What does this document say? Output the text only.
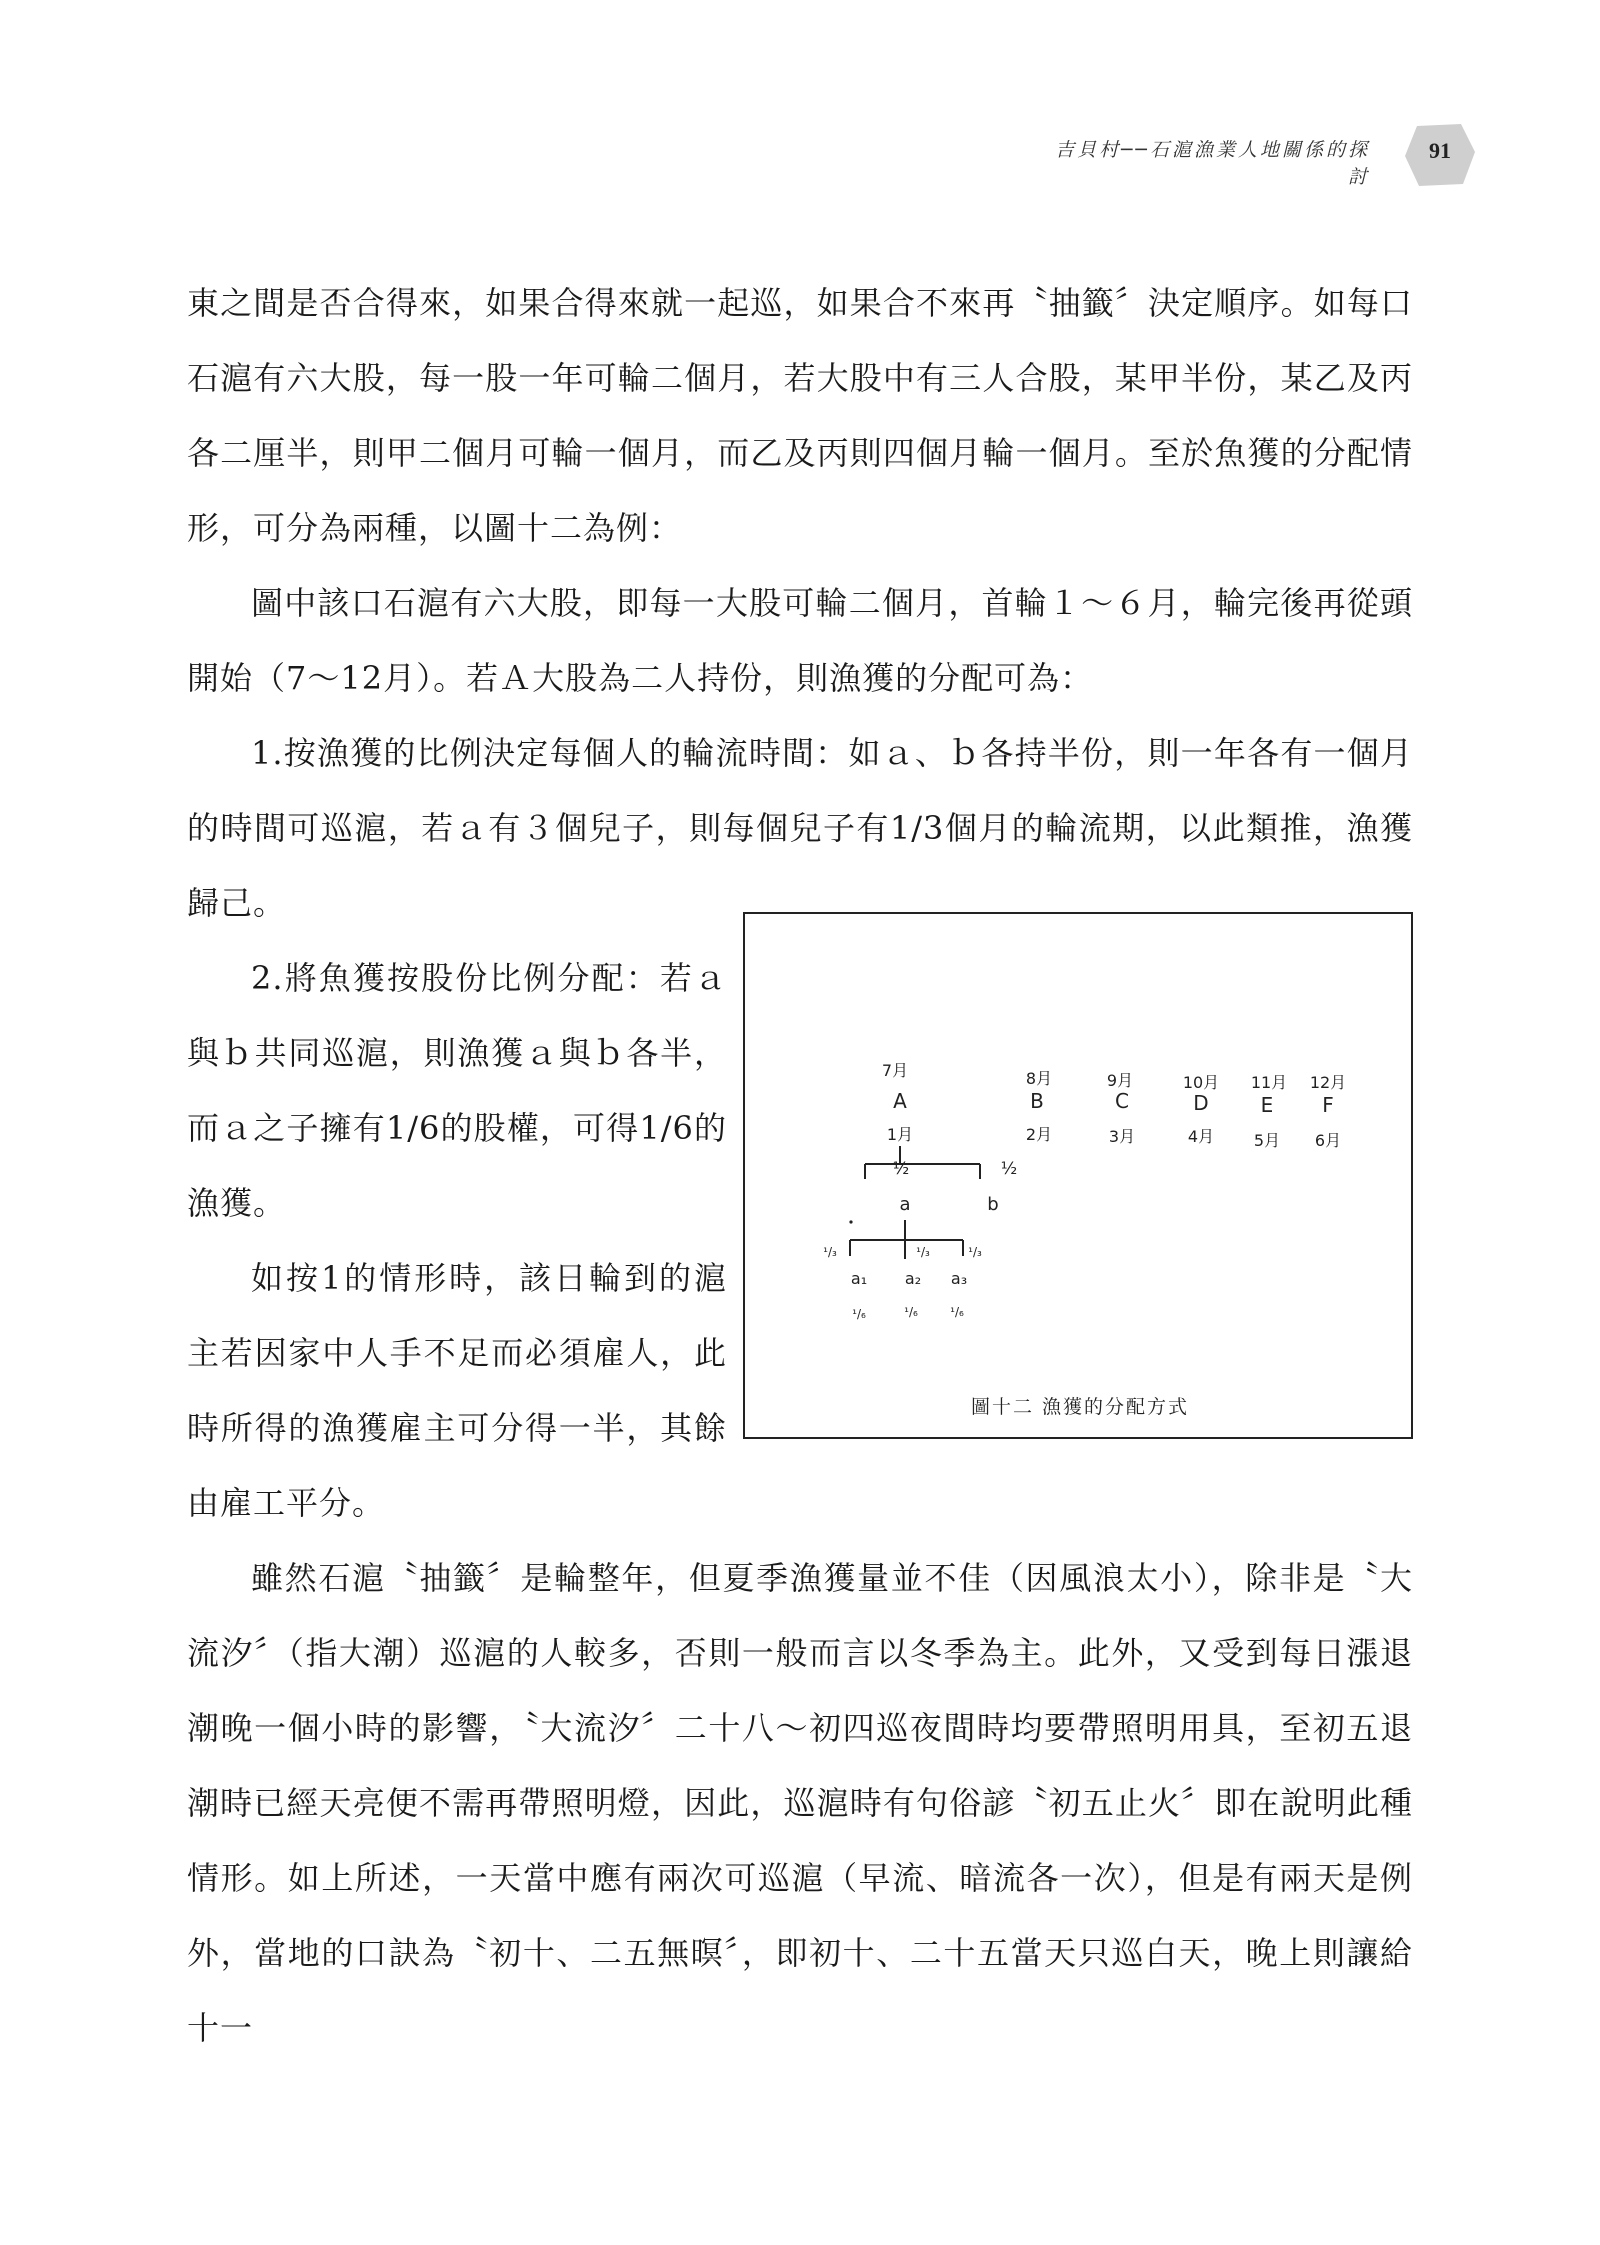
吉貝村──石滬漁業人地關係的探討
91

東之間是否合得來，如果合得來就一起巡，如果合不來再〝抽籤〞決定順序。如每口石滬有六大股，每一股一年可輪二個月，若大股中有三人合股，某甲半份，某乙及丙各二厘半，則甲二個月可輪一個月，而乙及丙則四個月輪一個月。至於魚獲的分配情形，可分為兩種，以圖十二為例：

圖中該口石滬有六大股，即每一大股可輪二個月，首輪１～６月，輪完後再從頭開始（7～12月）。若Ａ大股為二人持份，則漁獲的分配可為：

1.按漁獲的比例決定每個人的輪流時間：如ａ、ｂ各持半份，則一年各有一個月的時間可巡滬，若ａ有３個兒子，則每個兒子有1/3個月的輪流期，以此類推，漁獲歸己。

2.將魚獲按股份比例分配：若ａ與ｂ共同巡滬，則漁獲ａ與ｂ各半，而ａ之子擁有1/6的股權，可得1/6的漁獲。

如按1的情形時，該日輪到的滬主若因家中人手不足而必須雇人，此時所得的漁獲雇主可分得一半，其餘由雇工平分。

雖然石滬〝抽籤〞是輪整年，但夏季漁獲量並不佳（因風浪太小），除非是〝大流汐〞（指大潮）巡滬的人較多，否則一般而言以冬季為主。此外，又受到每日漲退潮晚一個小時的影響，〝大流汐〞二十八～初四巡夜間時均要帶照明用具，至初五退潮時已經天亮便不需再帶照明燈，因此，巡滬時有句俗諺〝初五止火〞即在說明此種情形。如上所述，一天當中應有兩次可巡滬（早流、暗流各一次），但是有兩天是例外，當地的口訣為〝初十、二五無暝〞，即初十、二十五當天只巡白天，晚上則讓給十一

7月
A
1月
8月
B
2月
9月
C
3月
10月
D
4月
11月
E
5月
12月
F
6月
½	½
a	b
¹/₃	¹/₃	¹/₃
a₁ a₂ a₃
¹/₆	¹/₆	¹/₆
圖十二 漁獲的分配方式
